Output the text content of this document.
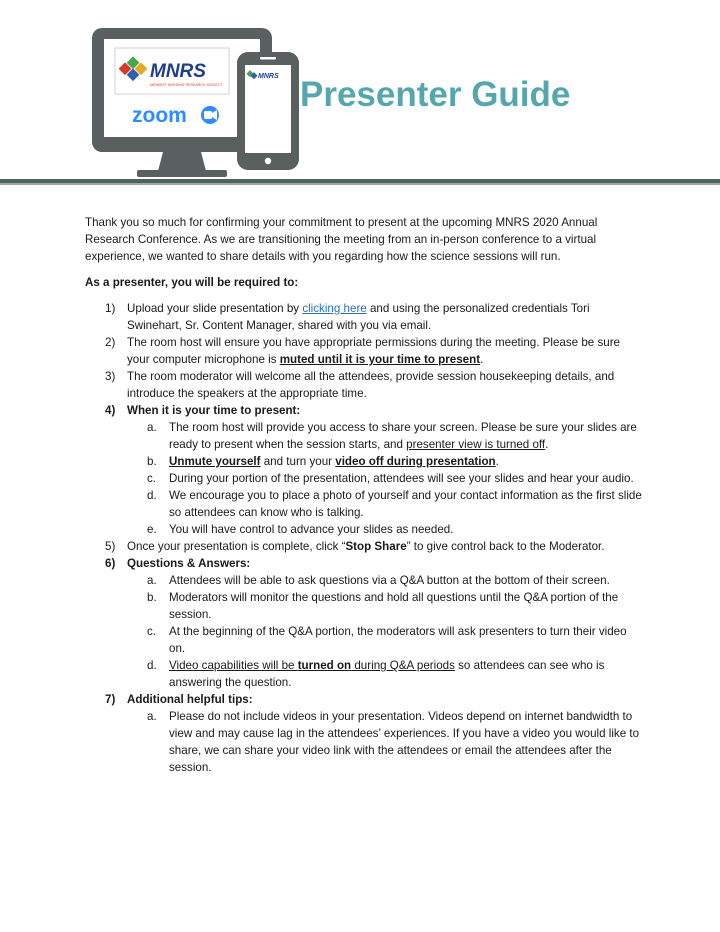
MNRS
MIDWEST NURSING RESEARCH SOCIETY
zoom
MNRS Presenter Guide

Thank you so much for confirming your commitment to present at the upcoming MNRS 2020 Annual Research Conference. As we are transitioning the meeting from an in-person conference to a virtual experience, we wanted to share details with you regarding how the science sessions will run.

As a presenter, you will be required to:

1) Upload your slide presentation by clicking here and using the personalized credentials Tori Swinehart, Sr. Content Manager, shared with you via email.
2) The room host will ensure you have appropriate permissions during the meeting. Please be sure your computer microphone is muted until it is your time to present.
3) The room moderator will welcome all the attendees, provide session housekeeping details, and introduce the speakers at the appropriate time.
4) When it is your time to present:
a. The room host will provide you access to share your screen. Please be sure your slides are ready to present when the session starts, and presenter view is turned off.
b. Unmute yourself and turn your video off during presentation.
c. During your portion of the presentation, attendees will see your slides and hear your audio.
d. We encourage you to place a photo of yourself and your contact information as the first slide so attendees can know who is talking.
e. You will have control to advance your slides as needed.
5) Once your presentation is complete, click “Stop Share” to give control back to the Moderator.
6) Questions & Answers:
a. Attendees will be able to ask questions via a Q&A button at the bottom of their screen.
b. Moderators will monitor the questions and hold all questions until the Q&A portion of the session.
c. At the beginning of the Q&A portion, the moderators will ask presenters to turn their video on.
d. Video capabilities will be turned on during Q&A periods so attendees can see who is answering the question.
7) Additional helpful tips:
a. Please do not include videos in your presentation. Videos depend on internet bandwidth to view and may cause lag in the attendees’ experiences. If you have a video you would like to share, we can share your video link with the attendees or email the attendees after the session.
